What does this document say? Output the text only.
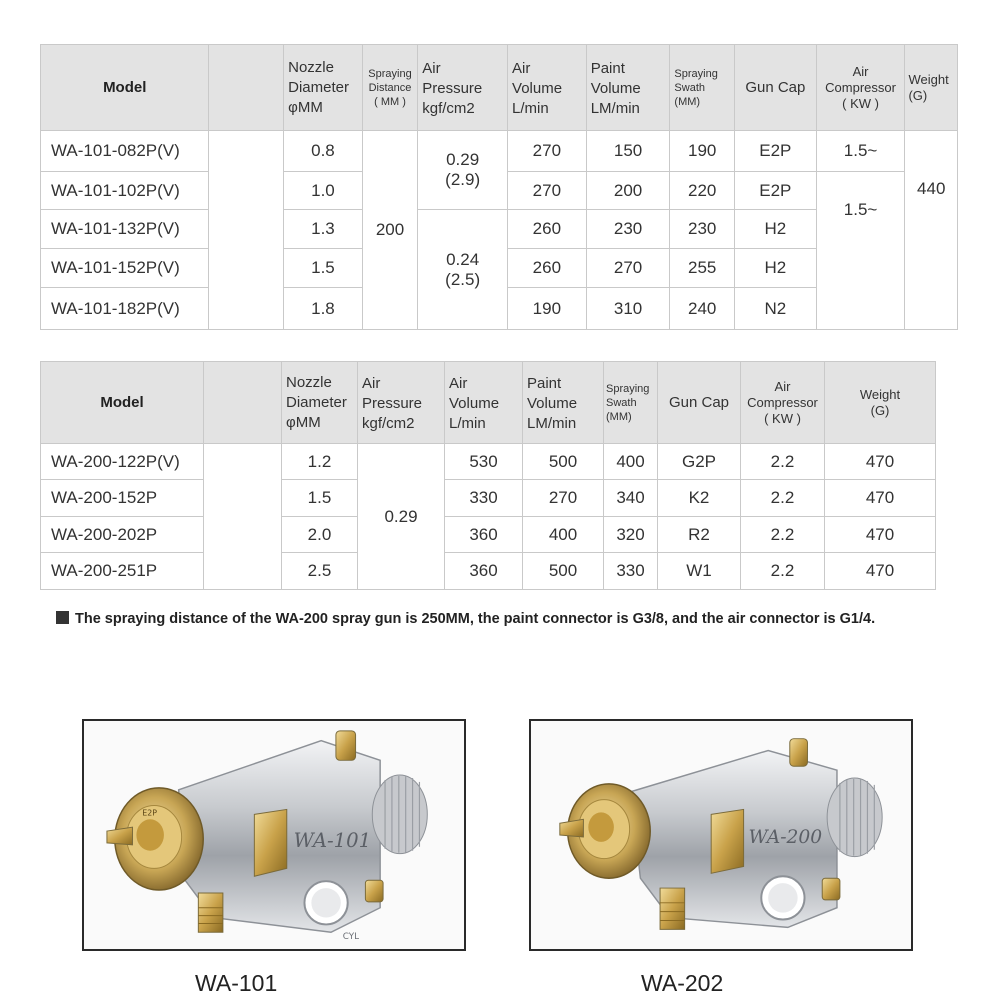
Model		Nozzle
Diameter
φMM	Spraying
Distance
( MM )	Air
Pressure
kgf/cm2	Air
Volume
L/min	Paint
Volume
LM/min	Spraying
Swath
(MM)	Gun Cap	Air
Compressor
( KW )	Weight
(G)

WA-101-082P(V)		0.8	200	0.29
(2.9)	270	150	190	E2P	1.5~	440
WA-101-102P(V)		1.0			270	200	220	E2P	1.5~	
WA-101-132P(V)		1.3		0.24
(2.5)	260	230	230	H2		
WA-101-152P(V)		1.5			260	270	255	H2		
WA-101-182P(V)		1.8			190	310	240	N2		
Model		Nozzle
Diameter
φMM	Air
Pressure
kgf/cm2	Air
Volume
L/min	Paint
Volume
LM/min	Spraying
Swath
(MM)	Gun Cap	Air
Compressor
( KW )	Weight
(G)

WA-200-122P(V)		1.2	0.29	530	500	400	G2P	2.2	470
WA-200-152P		1.5		330	270	340	K2	2.2	470
WA-200-202P		2.0		360	400	320	R2	2.2	470
WA-200-251P		2.5		360	500	330	W1	2.2	470
The spraying distance of the WA-200 spray gun is 250MM, the paint connector is G3/8, and the air connector is G1/4.
WA-101
CYL
E2P
WA-101
WA-200
WA-202
